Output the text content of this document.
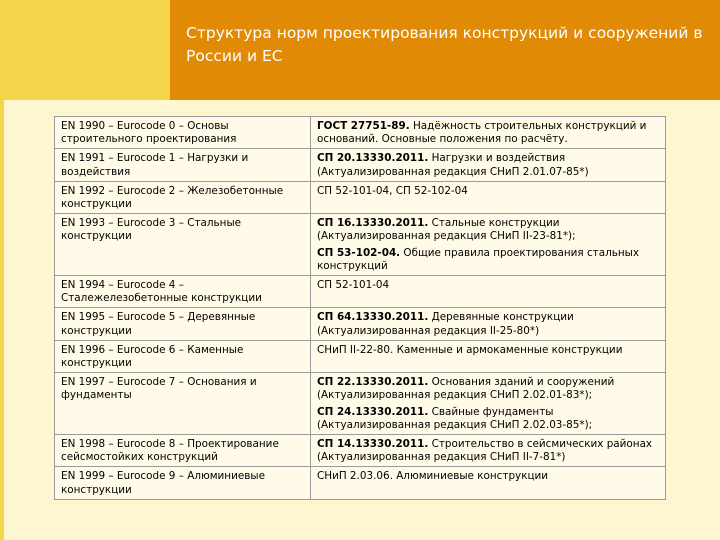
Структура норм проектирования конструкций и сооружений в России и ЕС
EN 1990 – Eurocode 0 – Основы строительного проектирования	ГОСТ 27751-89. Надёжность строительных конструкций и оснований. Основные положения по расчёту.

EN 1991 – Eurocode 1 – Нагрузки и воздействия	СП 20.13330.2011. Нагрузки и воздействия (Актуализированная редакция СНиП 2.01.07-85*)

EN 1992 – Eurocode 2 – Железобетонные конструкции	СП 52-101-04, СП 52-102-04

EN 1993 – Eurocode 3 – Стальные конструкции	СП 16.13330.2011. Стальные конструкции (Актуализированная редакция СНиП II-23-81*);
СП 53-102-04. Общие правила проектирования стальных конструкций

EN 1994 – Eurocode 4 – Сталежелезобетонные конструкции	СП 52-101-04

EN 1995 – Eurocode 5 – Деревянные конструкции	СП 64.13330.2011. Деревянные конструкции (Актуализированная редакция II-25-80*)

EN 1996 – Eurocode 6 – Каменные конструкции	СНиП II-22-80. Каменные и армокаменные конструкции

EN 1997 – Eurocode 7 – Основания и фундаменты	СП 22.13330.2011. Основания зданий и сооружений (Актуализированная редакция СНиП 2.02.01-83*);
СП 24.13330.2011. Свайные фундаменты (Актуализированная редакция СНиП 2.02.03-85*);

EN 1998 – Eurocode 8 – Проектирование сейсмостойких конструкций	СП 14.13330.2011. Строительство в сейсмических районах (Актуализированная редакция СНиП II-7-81*)

EN 1999 – Eurocode 9 – Алюминиевые конструкции	СНиП 2.03.06. Алюминиевые конструкции
